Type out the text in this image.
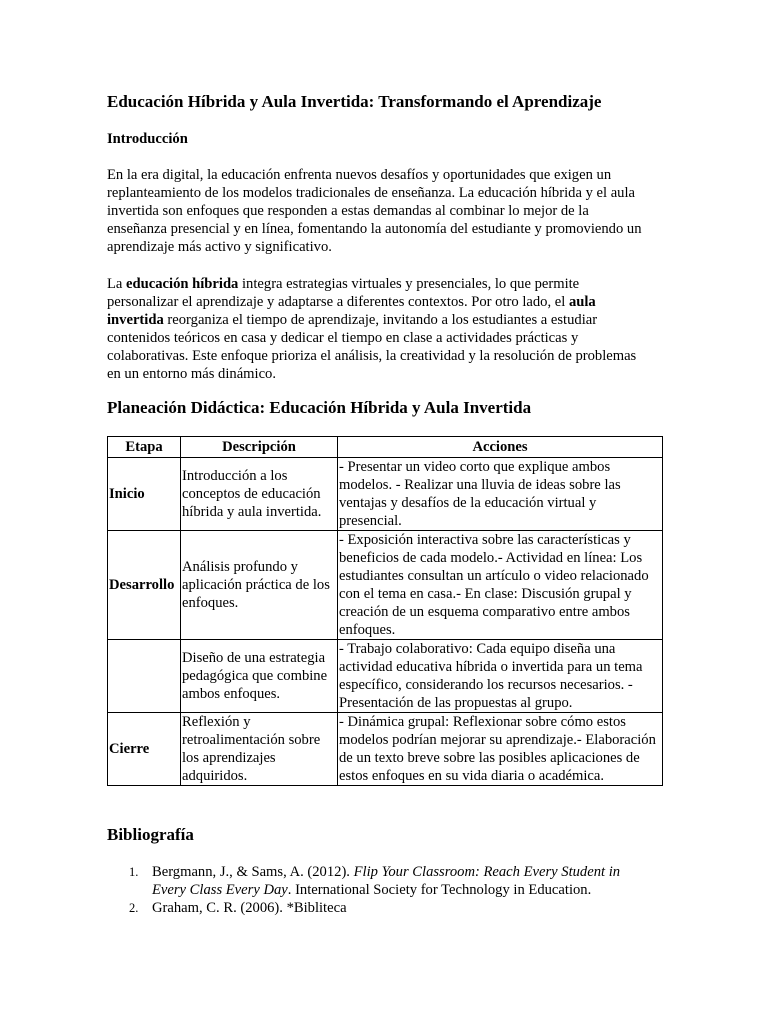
Educación Híbrida y Aula Invertida: Transformando el Aprendizaje
Introducción

En la era digital, la educación enfrenta nuevos desafíos y oportunidades que exigen un
replanteamiento de los modelos tradicionales de enseñanza. La educación híbrida y el aula
invertida son enfoques que responden a estas demandas al combinar lo mejor de la
enseñanza presencial y en línea, fomentando la autonomía del estudiante y promoviendo un
aprendizaje más activo y significativo.

La educación híbrida integra estrategias virtuales y presenciales, lo que permite
personalizar el aprendizaje y adaptarse a diferentes contextos. Por otro lado, el aula
invertida reorganiza el tiempo de aprendizaje, invitando a los estudiantes a estudiar
contenidos teóricos en casa y dedicar el tiempo en clase a actividades prácticas y
colaborativas. Este enfoque prioriza el análisis, la creatividad y la resolución de problemas
en un entorno más dinámico.

Planeación Didáctica: Educación Híbrida y Aula Invertida
Etapa	Descripción	Acciones
Inicio	Introducción a los conceptos de educación híbrida y aula invertida.	- Presentar un video corto que explique ambos modelos. - Realizar una lluvia de ideas sobre las ventajas y desafíos de la educación virtual y presencial.
Desarrollo	Análisis profundo y aplicación práctica de los enfoques.	- Exposición interactiva sobre las características y beneficios de cada modelo.- Actividad en línea: Los estudiantes consultan un artículo o video relacionado con el tema en casa.- En clase: Discusión grupal y creación de un esquema comparativo entre ambos enfoques.
	Diseño de una estrategia pedagógica que combine ambos enfoques.	- Trabajo colaborativo: Cada equipo diseña una actividad educativa híbrida o invertida para un tema específico, considerando los recursos necesarios. - Presentación de las propuestas al grupo.
Cierre	Reflexión y retroalimentación sobre los aprendizajes adquiridos.	- Dinámica grupal: Reflexionar sobre cómo estos modelos podrían mejorar su aprendizaje.- Elaboración de un texto breve sobre las posibles aplicaciones de estos enfoques en su vida diaria o académica.
Bibliografía
1. Bergmann, J., & Sams, A. (2012). Flip Your Classroom: Reach Every Student in
Every Class Every Day. International Society for Technology in Education.
2. Graham, C. R. (2006). *Bibliteca
